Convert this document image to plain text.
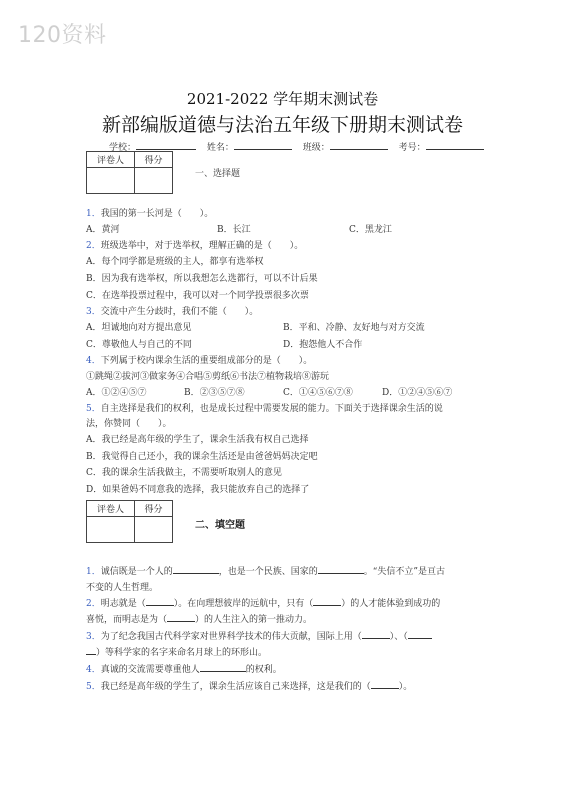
120资料
2021-2022 学年期末测试卷
新部编版道德与法治五年级下册期末测试卷
学校：	姓名：	班级：	考号：
评卷人	得分

一、选择题
1．我国的第一长河是（　　）。
A．黄河	B．长江	C．黑龙江
2．班级选举中，对于选举权，理解正确的是（　　）。
A．每个同学都是班级的主人，都享有选举权
B．因为我有选举权，所以我想怎么选都行，可以不计后果
C．在选举投票过程中，我可以对一个同学投票很多次票
3．交流中产生分歧时，我们不能（　　）。
A．坦诚地向对方提出意见	B．平和、冷静、友好地与对方交流
C．尊敬他人与自己的不同	D．抱怨他人不合作
4．下列属于校内课余生活的重要组成部分的是（　　）。
①跳绳②拔河③做家务④合唱⑤剪纸⑥书法⑦植物栽培⑧游玩
A．①②④⑤⑦	B．②③⑤⑦⑧	C．①④⑤⑥⑦⑧	D．①②④⑤⑥⑦
5．自主选择是我们的权利，也是成长过程中需要发展的能力。下面关于选择课余生活的说
法，你赞同（　　）。
A．我已经是高年级的学生了，课余生活我有权自己选择
B．我觉得自己还小，我的课余生活还是由爸爸妈妈决定吧
C．我的课余生活我做主，不需要听取别人的意见
D．如果爸妈不同意我的选择，我只能放弃自己的选择了
评卷人	得分

二、填空题
1．诚信既是一个人的	，也是一个民族、国家的	。“失信不立”是亘古
不变的人生哲理。
2．明志就是（	）。在向理想彼岸的远航中，只有（	）的人才能体验到成功的
喜悦，而明志是为（	）的人生注入的第一推动力。
3．为了纪念我国古代科学家对世界科学技术的伟大贡献，国际上用（	）、（
）等科学家的名字来命名月球上的环形山。
4．真诚的交流需要尊重他人	的权利。
5．我已经是高年级的学生了，课余生活应该自己来选择，这是我们的（	）。
